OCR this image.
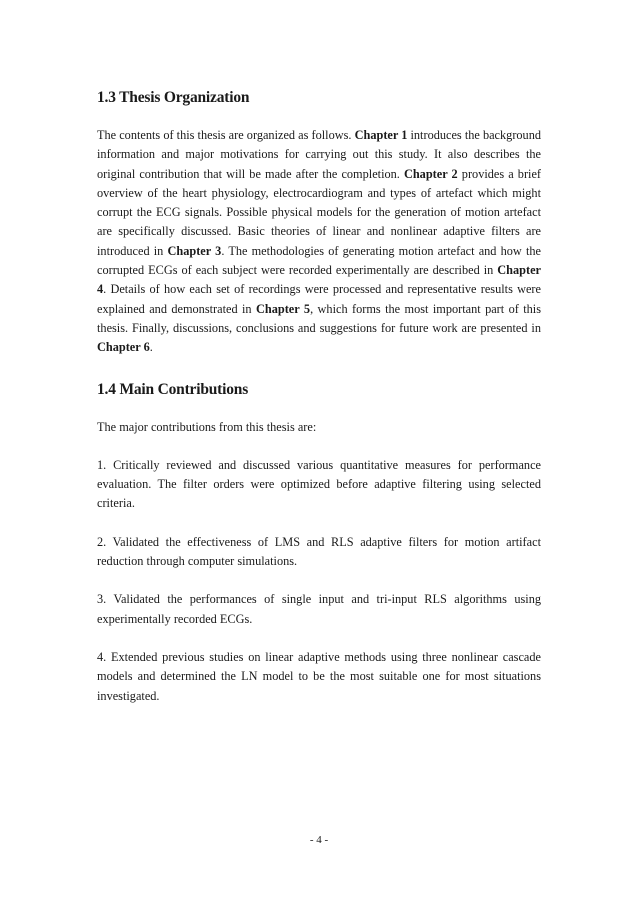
1.3 Thesis Organization

The contents of this thesis are organized as follows. Chapter 1 introduces the background information and major motivations for carrying out this study. It also describes the original contribution that will be made after the completion. Chapter 2 provides a brief overview of the heart physiology, electrocardiogram and types of artefact which might corrupt the ECG signals. Possible physical models for the generation of motion artefact are specifically discussed. Basic theories of linear and nonlinear adaptive filters are introduced in Chapter 3. The methodologies of generating motion artefact and how the corrupted ECGs of each subject were recorded experimentally are described in Chapter 4. Details of how each set of recordings were processed and representative results were explained and demonstrated in Chapter 5, which forms the most important part of this thesis. Finally, discussions, conclusions and suggestions for future work are presented in Chapter 6.

1.4 Main Contributions

The major contributions from this thesis are:

1. Critically reviewed and discussed various quantitative measures for performance evaluation. The filter orders were optimized before adaptive filtering using selected criteria.

2. Validated the effectiveness of LMS and RLS adaptive filters for motion artifact reduction through computer simulations.

3. Validated the performances of single input and tri-input RLS algorithms using experimentally recorded ECGs.

4. Extended previous studies on linear adaptive methods using three nonlinear cascade models and determined the LN model to be the most suitable one for most situations investigated.

- 4 -
